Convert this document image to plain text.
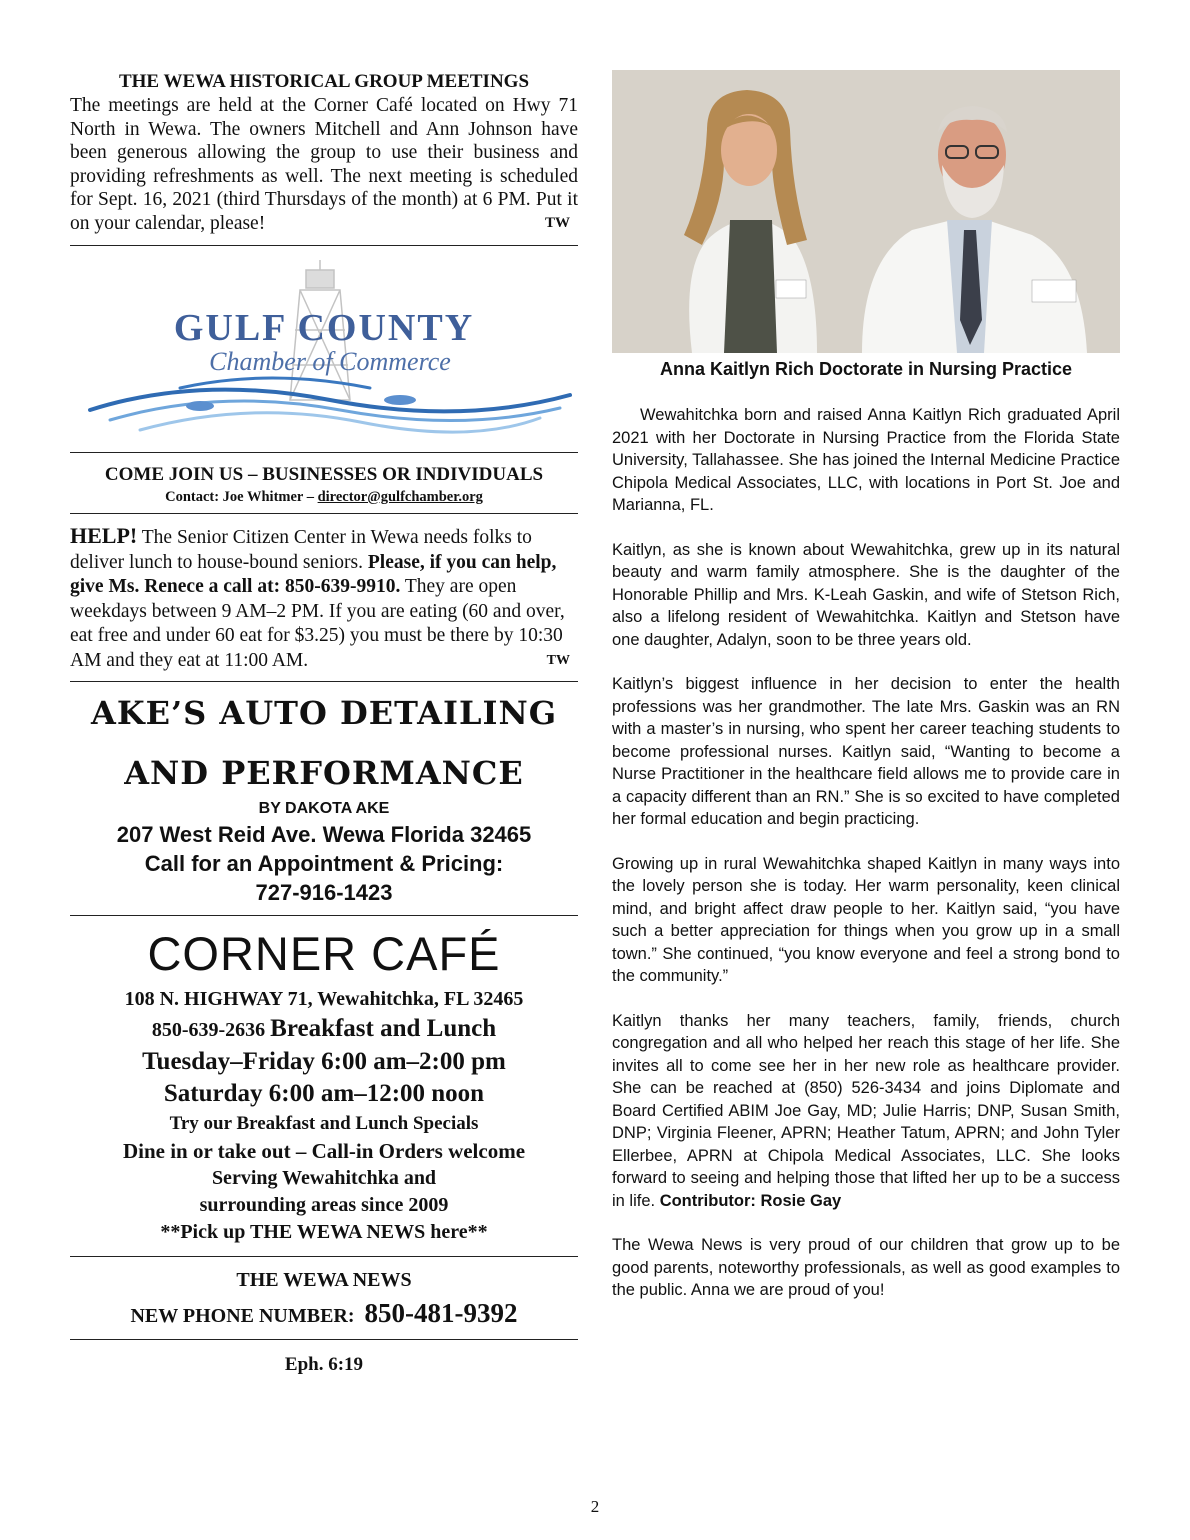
THE WEWA HISTORICAL GROUP MEETINGS

The meetings are held at the Corner Café located on Hwy 71 North in Wewa. The owners Mitchell and Ann Johnson have been generous allowing the group to use their business and providing refreshments as well. The next meeting is scheduled for Sept. 16, 2021 (third Thursdays of the month) at 6 PM. Put it on your calendar, please!	TW

GULF COUNTY
Chamber of Commerce

COME JOIN US – BUSINESSES OR INDIVIDUALS

Contact: Joe Whitmer – director@gulfchamber.org

HELP! The Senior Citizen Center in Wewa needs folks to deliver lunch to house-bound seniors. Please, if you can help, give Ms. Renece a call at: 850-639-9910. They are open weekdays between 9 AM–2 PM. If you are eating (60 and over, eat free and under 60 eat for $3.25) you must be there by 10:30 AM and they eat at 11:00 AM.	TW

AKE’S AUTO DETAILING

AND PERFORMANCE

BY DAKOTA AKE

207 West Reid Ave. Wewa Florida 32465

Call for an Appointment & Pricing:

727-916-1423

CORNER CAFÉ

108 N. HIGHWAY 71, Wewahitchka, FL 32465

850-639-2636 Breakfast and Lunch

Tuesday–Friday 6:00 am–2:00 pm

Saturday 6:00 am–12:00 noon

Try our Breakfast and Lunch Specials

Dine in or take out – Call-in Orders welcome

Serving Wewahitchka and

surrounding areas since 2009

**Pick up THE WEWA NEWS here**

THE WEWA NEWS

NEW PHONE NUMBER: 850-481-9392

Eph. 6:19

Anna Kaitlyn Rich Doctorate in Nursing Practice

Wewahitchka born and raised Anna Kaitlyn Rich graduated April 2021 with her Doctorate in Nursing Practice from the Florida State University, Tallahassee. She has joined the Internal Medicine Practice Chipola Medical Associates, LLC, with locations in Port St. Joe and Marianna, FL.

Kaitlyn, as she is known about Wewahitchka, grew up in its natural beauty and warm family atmosphere. She is the daughter of the Honorable Phillip and Mrs. K-Leah Gaskin, and wife of Stetson Rich, also a lifelong resident of Wewahitchka. Kaitlyn and Stetson have one daughter, Adalyn, soon to be three years old.

Kaitlyn’s biggest influence in her decision to enter the health professions was her grandmother. The late Mrs. Gaskin was an RN with a master’s in nursing, who spent her career teaching students to become professional nurses. Kaitlyn said, “Wanting to become a Nurse Practitioner in the healthcare field allows me to provide care in a capacity different than an RN.” She is so excited to have completed her formal education and begin practicing.

Growing up in rural Wewahitchka shaped Kaitlyn in many ways into the lovely person she is today. Her warm personality, keen clinical mind, and bright affect draw people to her. Kaitlyn said, “you have such a better appreciation for things when you grow up in a small town.” She continued, “you know everyone and feel a strong bond to the community.”

Kaitlyn thanks her many teachers, family, friends, church congregation and all who helped her reach this stage of her life. She invites all to come see her in her new role as healthcare provider. She can be reached at (850) 526-3434 and joins Diplomate and Board Certified ABIM Joe Gay, MD; Julie Harris; DNP, Susan Smith, DNP; Virginia Fleener, APRN; Heather Tatum, APRN; and John Tyler Ellerbee, APRN at Chipola Medical Associates, LLC. She looks forward to seeing and helping those that lifted her up to be a success in life. Contributor: Rosie Gay

The Wewa News is very proud of our children that grow up to be good parents, noteworthy professionals, as well as good examples to the public. Anna we are proud of you!

2
